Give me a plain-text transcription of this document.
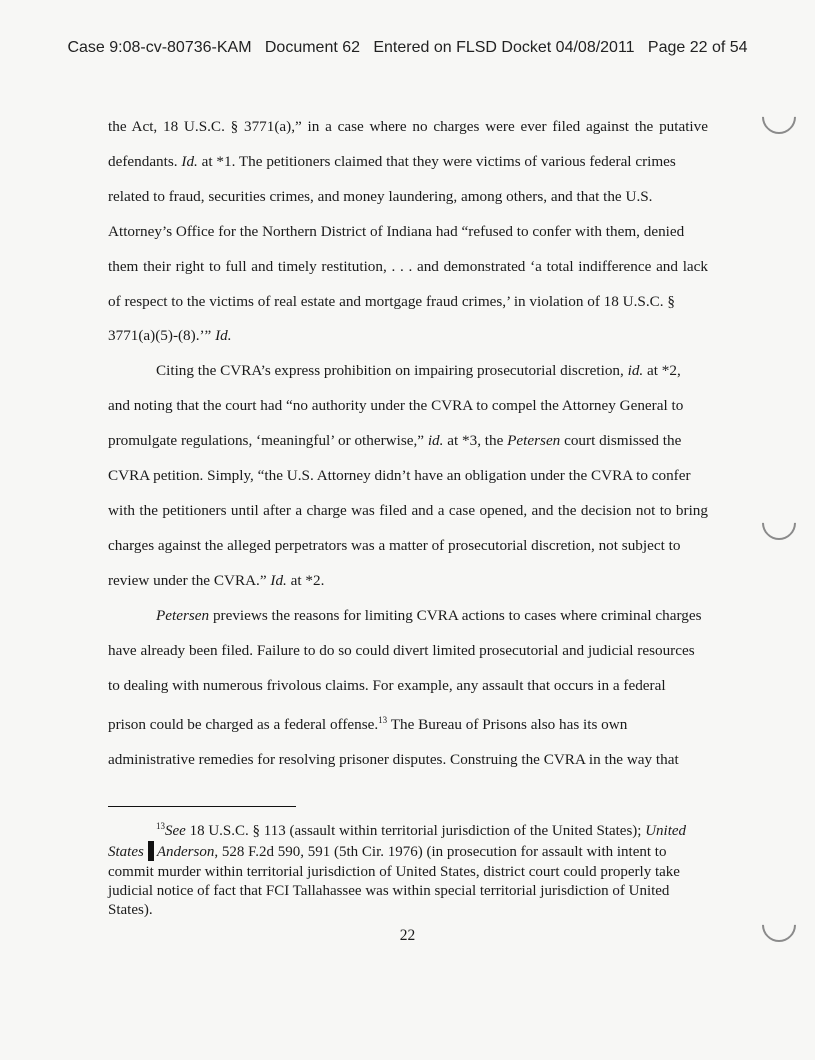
Case 9:08-cv-80736-KAM   Document 62   Entered on FLSD Docket 04/08/2011   Page 22 of 54

the Act, 18 U.S.C. § 3771(a),” in a case where no charges were ever filed against the putative
defendants. Id. at *1. The petitioners claimed that they were victims of various federal crimes
related to fraud, securities crimes, and money laundering, among others, and that the U.S.
Attorney’s Office for the Northern District of Indiana had “refused to confer with them, denied
them their right to full and timely restitution, . . . and demonstrated ‘a total indifference and lack
of respect to the victims of real estate and mortgage fraud crimes,’ in violation of 18 U.S.C. §
3771(a)(5)-(8).’” Id.

Citing the CVRA’s express prohibition on impairing prosecutorial discretion, id. at *2,
and noting that the court had “no authority under the CVRA to compel the Attorney General to
promulgate regulations, ‘meaningful’ or otherwise,” id. at *3, the Petersen court dismissed the
CVRA petition. Simply, “the U.S. Attorney didn’t have an obligation under the CVRA to confer
with the petitioners until after a charge was filed and a case opened, and the decision not to bring
charges against the alleged perpetrators was a matter of prosecutorial discretion, not subject to
review under the CVRA.” Id. at *2.

Petersen previews the reasons for limiting CVRA actions to cases where criminal charges
have already been filed. Failure to do so could divert limited prosecutorial and judicial resources
to dealing with numerous frivolous claims. For example, any assault that occurs in a federal
prison could be charged as a federal offense.$^{13}$ The Bureau of Prisons also has its own
administrative remedies for resolving prisoner disputes. Construing the CVRA in the way that

$^{13}$See 18 U.S.C. § 113 (assault within territorial jurisdiction of the United States); United
States Anderson, 528 F.2d 590, 591 (5th Cir. 1976) (in prosecution for assault with intent to
commit murder within territorial jurisdiction of United States, district court could properly take
judicial notice of fact that FCI Tallahassee was within special territorial jurisdiction of United
States).
22
